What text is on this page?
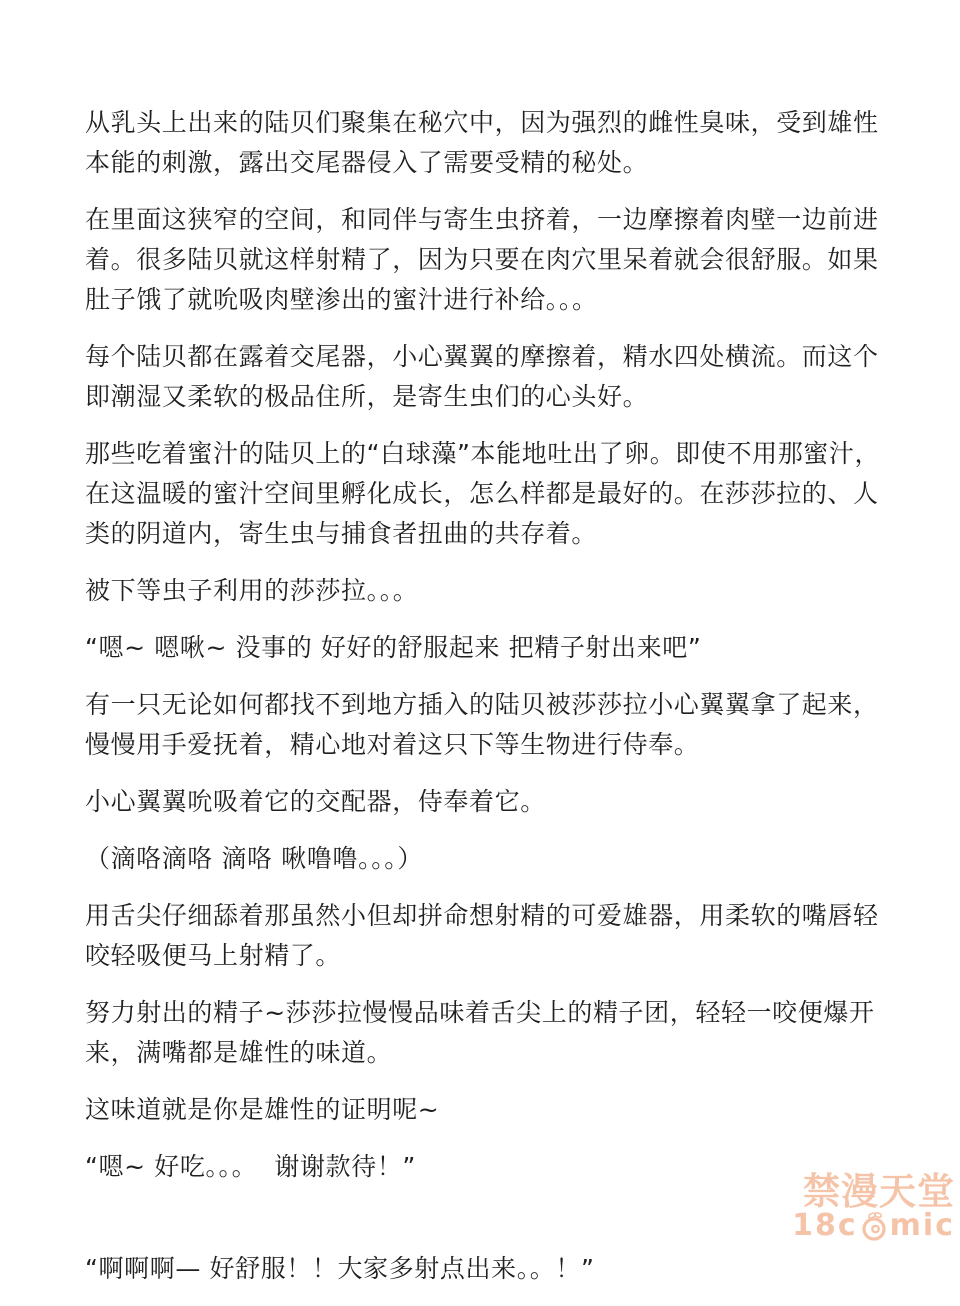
从乳头上出来的陆贝们聚集在秘穴中，因为强烈的雌性臭味，受到雄性本能的刺激，露出交尾器侵入了需要受精的秘处。

在里面这狭窄的空间，和同伴与寄生虫挤着，一边摩擦着肉壁一边前进着。很多陆贝就这样射精了，因为只要在肉穴里呆着就会很舒服。如果肚子饿了就吮吸肉壁渗出的蜜汁进行补给。。。

每个陆贝都在露着交尾器，小心翼翼的摩擦着，精水四处横流。而这个即潮湿又柔软的极品住所，是寄生虫们的心头好。

那些吃着蜜汁的陆贝上的“白球藻”本能地吐出了卵。即使不用那蜜汁，在这温暖的蜜汁空间里孵化成长，怎么样都是最好的。在莎莎拉的、人类的阴道内，寄生虫与捕食者扭曲的共存着。

被下等虫子利用的莎莎拉。。。

“嗯~ 嗯啾~ 没事的 好好的舒服起来 把精子射出来吧”

有一只无论如何都找不到地方插入的陆贝被莎莎拉小心翼翼拿了起来，慢慢用手爱抚着，精心地对着这只下等生物进行侍奉。

小心翼翼吮吸着它的交配器，侍奉着它。

（滴咯滴咯 滴咯 啾噜噜。。。）

用舌尖仔细舔着那虽然小但却拼命想射精的可爱雄器，用柔软的嘴唇轻咬轻吸便马上射精了。

努力射出的精子~莎莎拉慢慢品味着舌尖上的精子团，轻轻一咬便爆开来，满嘴都是雄性的味道。

这味道就是你是雄性的证明呢~

“嗯~ 好吃。。。  谢谢款待！”

“啊啊啊— 好舒服！！大家多射点出来。。！”

禁漫天堂
18c mic
